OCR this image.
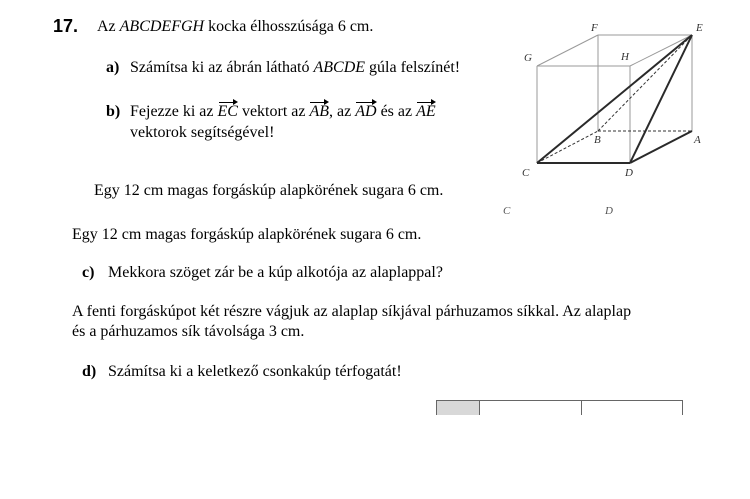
17. Az ABCDEFGH kocka élhosszúsága 6 cm.
a) Számítsa ki az ábrán látható ABCDE gúla felszínét!
b) Fejezze ki az EC vektort az AB, az AD és az AE
vektorok segítségével!
F	E
G	H
B	A
C	D
Egy 12 cm magas forgáskúp alapkörének sugara 6 cm.
C	D
Egy 12 cm magas forgáskúp alapkörének sugara 6 cm.
c) Mekkora szöget zár be a kúp alkotója az alaplappal?
A fenti forgáskúpot két részre vágjuk az alaplap síkjával párhuzamos síkkal. Az alaplap
és a párhuzamos sík távolsága 3 cm.
d) Számítsa ki a keletkező csonkakúp térfogatát!
